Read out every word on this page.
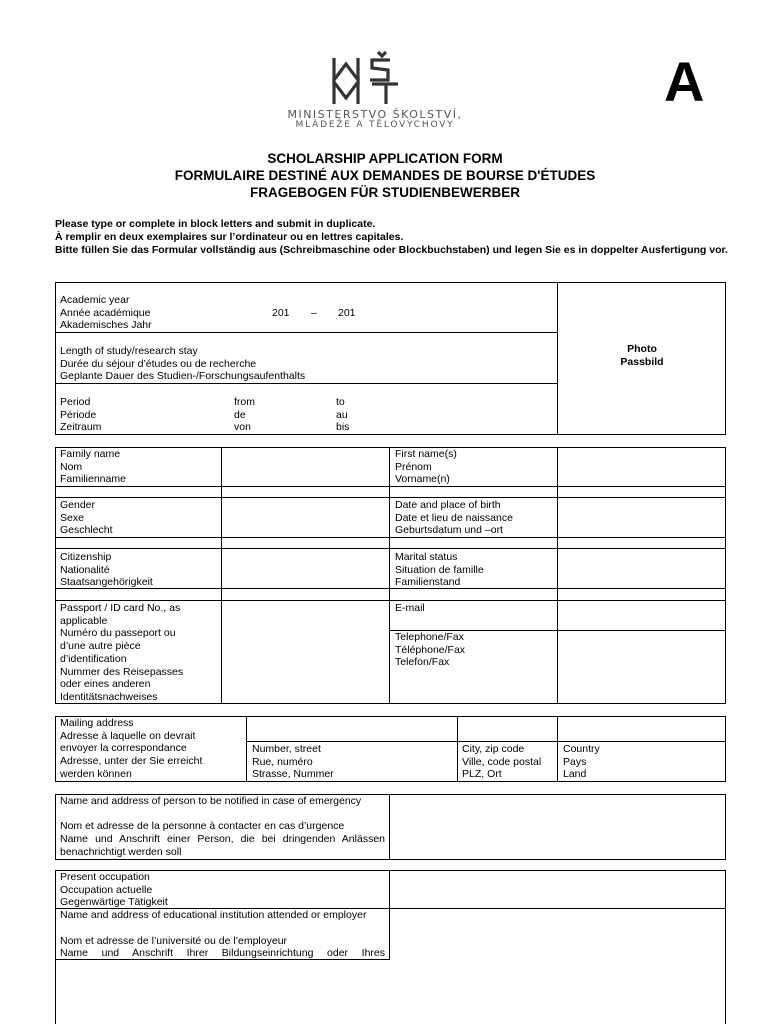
MINISTERSTVO ŠKOLSTVÍ,
MLÁDEŽE A TĚLOVÝCHOVY
A
SCHOLARSHIP APPLICATION FORM
FORMULAIRE DESTINÉ AUX DEMANDES DE BOURSE D'ÉTUDES
FRAGEBOGEN FÜR STUDIENBEWERBER
Please type or complete in block letters and submit in duplicate.
À remplir en deux exemplaires sur l’ordinateur ou en lettres capitales.
Bitte füllen Sie das Formular vollständig aus (Schreibmaschine oder Blockbuchstaben) und legen Sie es in doppelter Ausfertigung vor.
Academic year
Année académique
Akademisches Jahr
201 – 201
Length of study/research stay
Durée du séjour d’études ou de recherche
Geplante Dauer des Studien-/Forschungsaufenthalts
Period
Période
Zeitraum
from
de
von
to
au
bis
Photo
Passbild
Family name
Nom
Familienname
First name(s)
Prénom
Vorname(n)
Gender
Sexe
Geschlecht
Date and place of birth
Date et lieu de naissance
Geburtsdatum und –ort
Citizenship
Nationalité
Staatsangehörigkeit
Marital status
Situation de famille
Familienstand
Passport / ID card No., as
applicable
Numéro du passeport ou
d’une autre pièce
d’identification
Nummer des Reisepasses
oder eines anderen
Identitätsnachweises
E-mail
Telephone/Fax
Téléphone/Fax
Telefon/Fax
Mailing address
Adresse à laquelle on devrait
envoyer la correspondance
Adresse, unter der Sie erreicht
werden können
Number, street
Rue, numéro
Strasse, Nummer
City, zip code
Ville, code postal
PLZ, Ort
Country
Pays
Land
Name and address of person to be notified in case of emergency
Nom et adresse de la personne à contacter en cas d’urgence
Name und Anschrift einer Person, die bei dringenden Anlässen benachrichtigt werden soll
Present occupation
Occupation actuelle
Gegenwärtige Tätigkeit
Name and address of educational institution attended or employer
Nom et adresse de l’université ou de l’employeur
Name und Anschrift Ihrer Bildungseinrichtung oder Ihres
